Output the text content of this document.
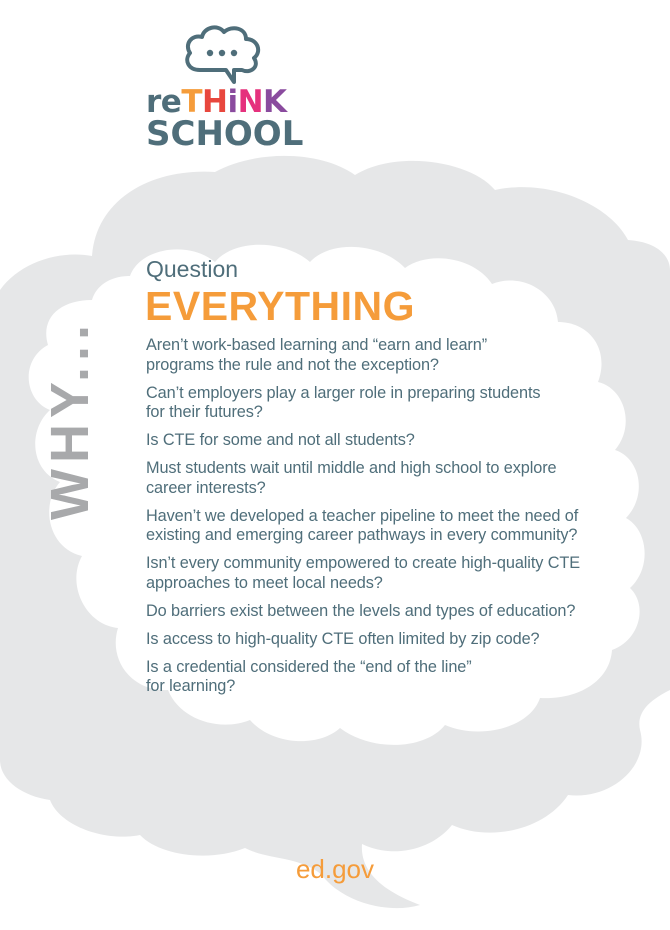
reTHiNK
SCHOOL
Question
EVERYTHING
WHY...	Aren’t work-based learning and “earn and learn”
programs the rule and not the exception?
Can’t employers play a larger role in preparing students
for their futures?
Is CTE for some and not all students?
Must students wait until middle and high school to explore
career interests?
Haven’t we developed a teacher pipeline to meet the need of
existing and emerging career pathways in every community?
Isn’t every community empowered to create high-quality CTE
approaches to meet local needs?
Do barriers exist between the levels and types of education?
Is access to high-quality CTE often limited by zip code?
Is a credential considered the “end of the line”
for learning?
ed.gov
